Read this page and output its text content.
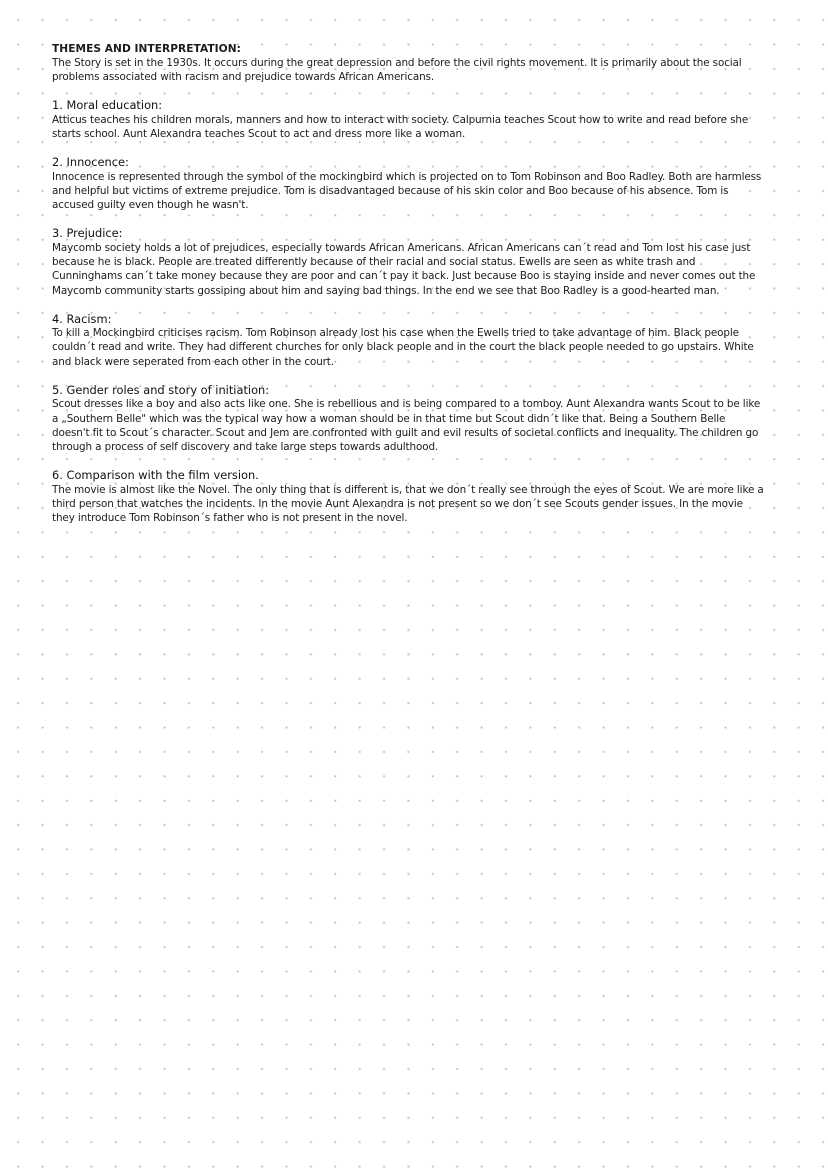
THEMES AND INTERPRETATION:

The Story is set in the 1930s. It occurs during the great depression and before the civil rights movement. It is primarily about the social problems associated with racism and prejudice towards African Americans.

1. Moral education:

Atticus teaches his children morals, manners and how to interact with society. Calpurnia teaches Scout how to write and read before she starts school. Aunt Alexandra teaches Scout to act and dress more like a woman.

2. Innocence:

Innocence is represented through the symbol of the mockingbird which is projected on to Tom Robinson and Boo Radley. Both are harmless and helpful but victims of extreme prejudice. Tom is disadvantaged because of his skin color and Boo because of his absence. Tom is accused guilty even though he wasn't.

3. Prejudice:

Maycomb society holds a lot of prejudices, especially towards African Americans. African Americans can´t read and Tom lost his case just because he is black. People are treated differently because of their racial and social status. Ewells are seen as white trash and Cunninghams can´t take money because they are poor and can´t pay it back. Just because Boo is staying inside and never comes out the Maycomb community starts gossiping about him and saying bad things. In the end we see that Boo Radley is a good-hearted man.

4. Racism:

To kill a Mockingbird criticises racism. Tom Robinson already lost his case when the Ewells tried to take advantage of him. Black people couldn´t read and write. They had different churches for only black people and in the court the black people needed to go upstairs. White and black were seperated from each other in the court.

5. Gender roles and story of initiation:

Scout dresses like a boy and also acts like one. She is rebellious and is being compared to a tomboy. Aunt Alexandra wants Scout to be like a „Southern Belle" which was the typical way how a woman should be in that time but Scout didn´t like that. Being a Southern Belle doesn't fit to Scout´s character. Scout and Jem are confronted with guilt and evil results of societal conflicts and inequality. The children go through a process of self discovery and take large steps towards adulthood.

6. Comparison with the film version.

The movie is almost like the Novel. The only thing that is different is, that we don´t really see through the eyes of Scout. We are more like a third person that watches the incidents. In the movie Aunt Alexandra is not present so we don´t see Scouts gender issues. In the movie they introduce Tom Robinson´s father who is not present in the novel.
